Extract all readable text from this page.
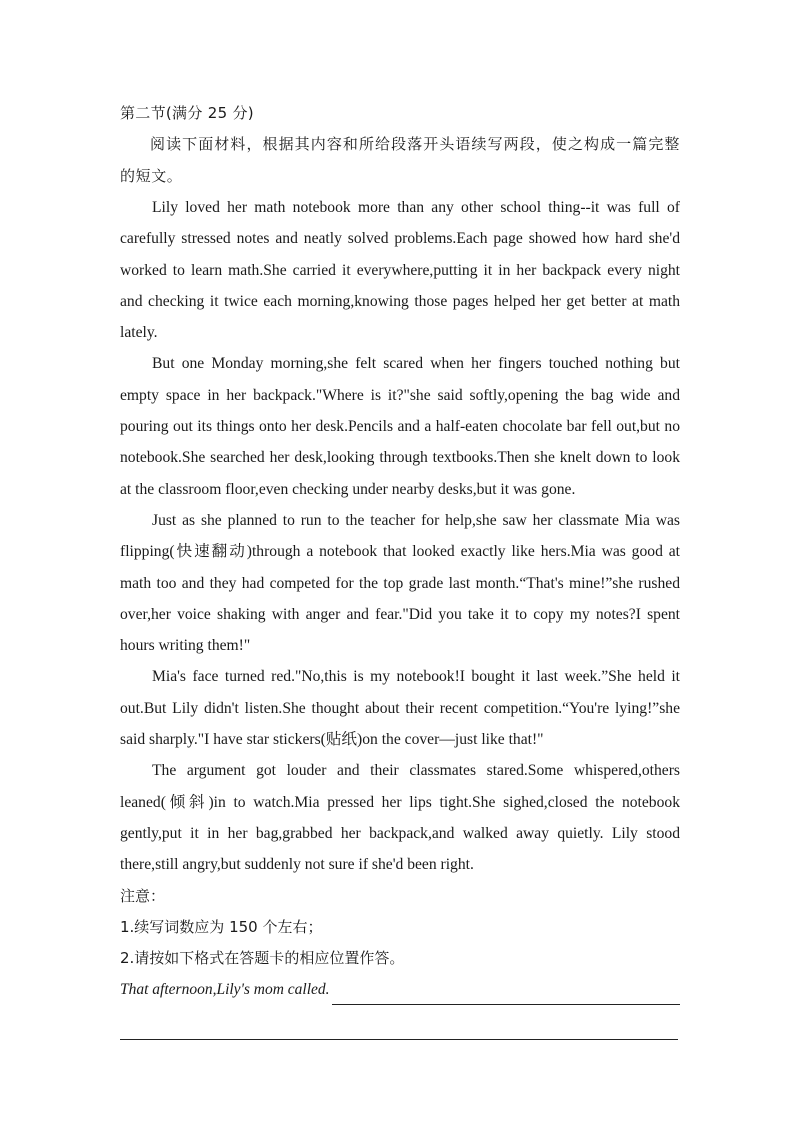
第二节(满分 25 分)

阅读下面材料，根据其内容和所给段落开头语续写两段，使之构成一篇完整的短文。

Lily loved her math notebook more than any other school thing--it was full of carefully stressed notes and neatly solved problems.Each page showed how hard she'd worked to learn math.She carried it everywhere,putting it in her backpack every night and checking it twice each morning,knowing those pages helped her get better at math lately.

But one Monday morning,she felt scared when her fingers touched nothing but empty space in her backpack."Where is it?"she said softly,opening the bag wide and pouring out its things onto her desk.Pencils and a half-eaten chocolate bar fell out,but no notebook.She searched her desk,looking through textbooks.Then she knelt down to look at the classroom floor,even checking under nearby desks,but it was gone.

Just as she planned to run to the teacher for help,she saw her classmate Mia was flipping(快速翻动)through a notebook that looked exactly like hers.Mia was good at math too and they had competed for the top grade last month.“That's mine!”she rushed over,her voice shaking with anger and fear."Did you take it to copy my notes?I spent hours writing them!"

Mia's face turned red."No,this is my notebook!I bought it last week.”She held it out.But Lily didn't listen.She thought about their recent competition.“You're lying!”she said sharply."I have star stickers(贴纸)on the cover—just like that!"

The argument got louder and their classmates stared.Some whispered,others leaned(倾斜)in to watch.Mia pressed her lips tight.She sighed,closed the notebook gently,put it in her bag,grabbed her backpack,and walked away quietly. Lily stood there,still angry,but suddenly not sure if she'd been right.

注意：

1.续写词数应为 150 个左右；

2.请按如下格式在答题卡的相应位置作答。

That afternoon,Lily's mom called.
